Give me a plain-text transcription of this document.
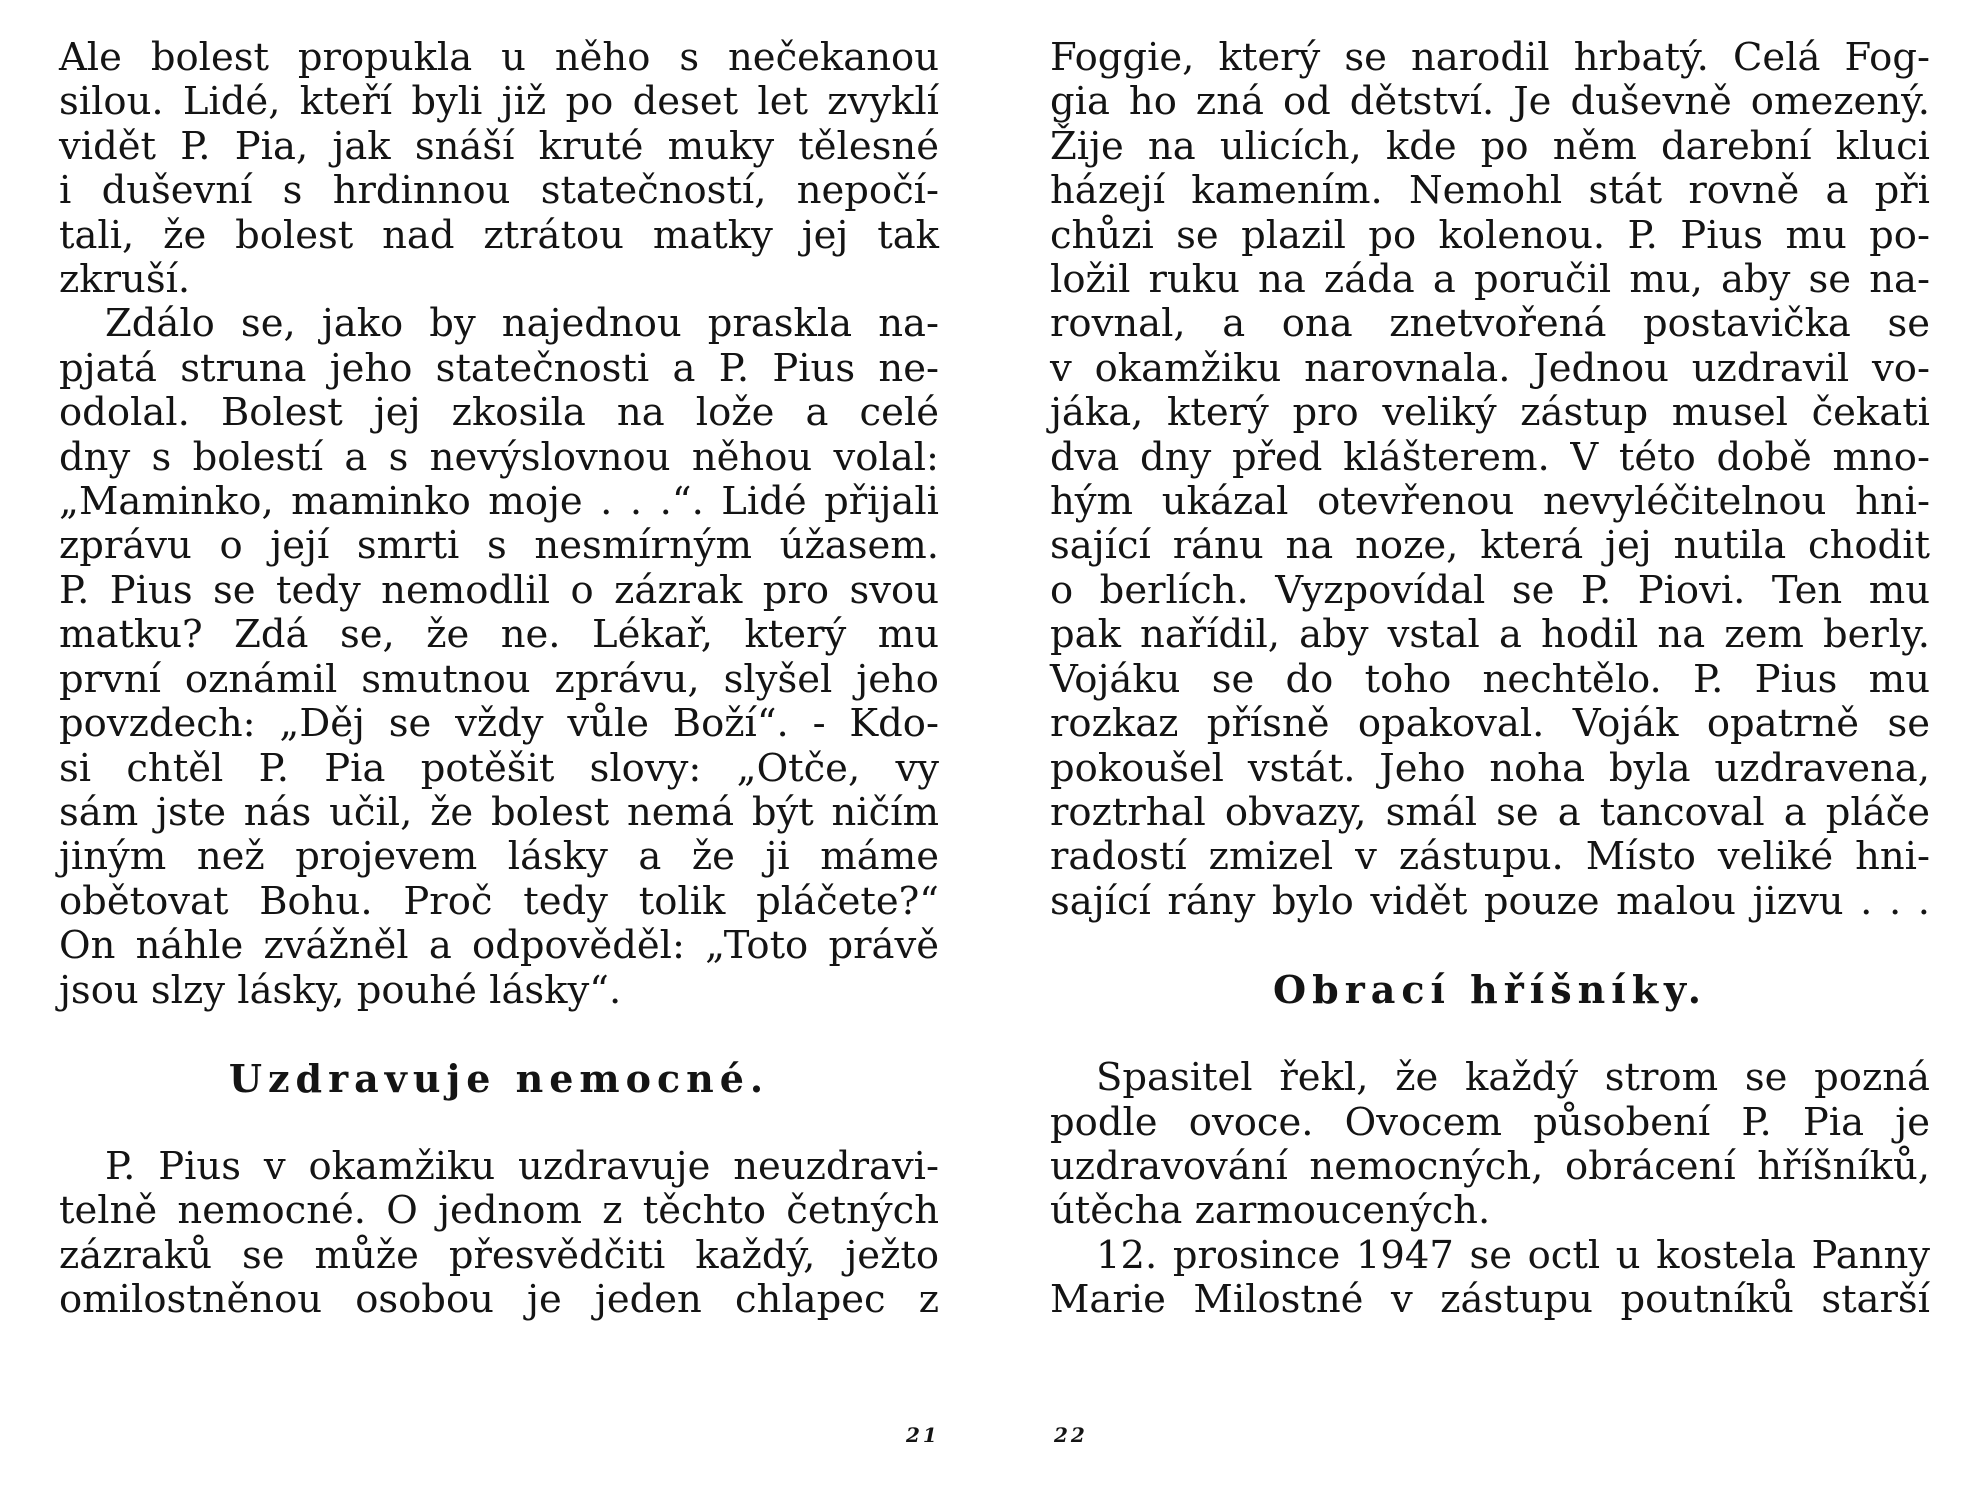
Ale bolest propukla u něho s nečekanou
silou. Lidé, kteří byli již po deset let zvyklí
vidět P. Pia, jak snáší kruté muky tělesné
i duševní s hrdinnou statečností, nepočí-
tali, že bolest nad ztrátou matky jej tak
zkruší.
Zdálo se, jako by najednou praskla na-
pjatá struna jeho statečnosti a P. Pius ne-
odolal. Bolest jej zkosila na lože a celé
dny s bolestí a s nevýslovnou něhou volal:
„Maminko, maminko moje . . .“. Lidé přijali
zprávu o její smrti s nesmírným úžasem.
P. Pius se tedy nemodlil o zázrak pro svou
matku? Zdá se, že ne. Lékař, který mu
první oznámil smutnou zprávu, slyšel jeho
povzdech: „Děj se vždy vůle Boží“. - Kdo-
si chtěl P. Pia potěšit slovy: „Otče, vy
sám jste nás učil, že bolest nemá být ničím
jiným než projevem lásky a že ji máme
obětovat Bohu. Proč tedy tolik pláčete?“
On náhle zvážněl a odpověděl: „Toto právě
jsou slzy lásky, pouhé lásky“.
Uzdravuje nemocné.
P. Pius v okamžiku uzdravuje neuzdravi-
telně nemocné. O jednom z těchto četných
zázraků se může přesvědčiti každý, ježto
omilostněnou osobou je jeden chlapec z
21
Foggie, který se narodil hrbatý. Celá Fog-
gia ho zná od dětství. Je duševně omezený.
Žije na ulicích, kde po něm darební kluci
házejí kamením. Nemohl stát rovně a při
chůzi se plazil po kolenou. P. Pius mu po-
ložil ruku na záda a poručil mu, aby se na-
rovnal, a ona znetvořená postavička se
v okamžiku narovnala. Jednou uzdravil vo-
jáka, který pro veliký zástup musel čekati
dva dny před klášterem. V této době mno-
hým ukázal otevřenou nevyléčitelnou hni-
sající ránu na noze, která jej nutila chodit
o berlích. Vyzpovídal se P. Piovi. Ten mu
pak nařídil, aby vstal a hodil na zem berly.
Vojáku se do toho nechtělo. P. Pius mu
rozkaz přísně opakoval. Voják opatrně se
pokoušel vstát. Jeho noha byla uzdravena,
roztrhal obvazy, smál se a tancoval a pláče
radostí zmizel v zástupu. Místo veliké hni-
sající rány bylo vidět pouze malou jizvu . . .
Obrací hříšníky.
Spasitel řekl, že každý strom se pozná
podle ovoce. Ovocem působení P. Pia je
uzdravování nemocných, obrácení hříšníků,
útěcha zarmoucených.
12. prosince 1947 se octl u kostela Panny
Marie Milostné v zástupu poutníků starší
22
